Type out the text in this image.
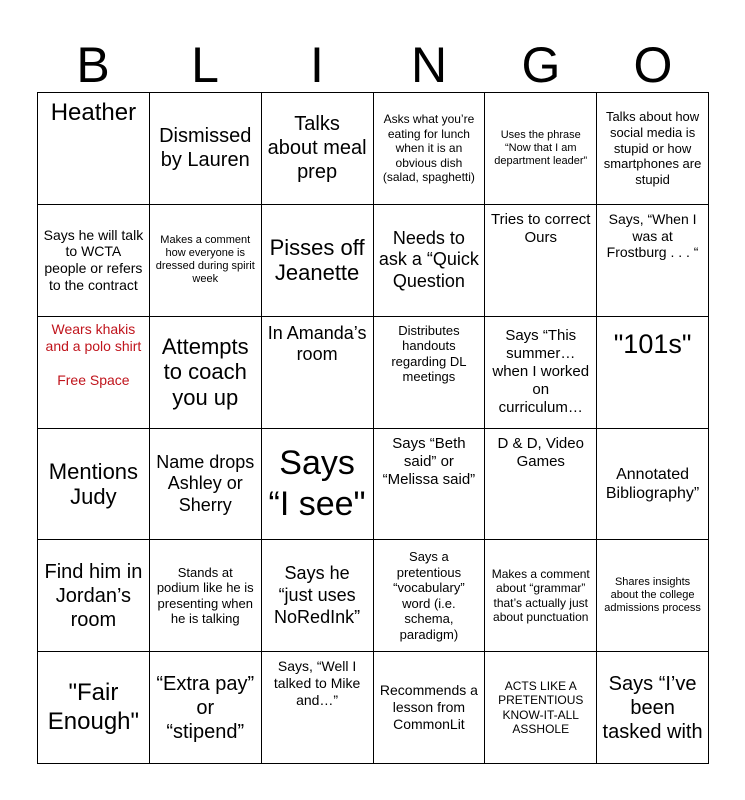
B	L	I	N	G	O
Heather
Dismissed by Lauren
Talks about meal prep
Asks what you’re eating for lunch when it is an obvious dish (salad, spaghetti)
Uses the phrase “Now that I am department leader”
Talks about how social media is stupid or how smartphones are stupid
Says he will talk to WCTA people or refers to the contract
Makes a comment how everyone is dressed during spirit week
Pisses off Jeanette
Needs to ask a “Quick Question
Tries to correct Ours
Says, “When I was at Frostburg . . . “
Wears khakis and a polo shirt
Free Space
Attempts to coach you up
In Amanda’s room
Distributes handouts regarding DL meetings
Says “This summer… when I worked on curriculum…
"101s"
Mentions Judy
Name drops Ashley or Sherry
Says “I see"
Says “Beth said” or “Melissa said”
D & D, Video Games
Annotated Bibliography”
Find him in Jordan’s room
Stands at podium like he is presenting when he is talking
Says he “just uses NoRedInk”
Says a pretentious “vocabulary” word (i.e. schema, paradigm)
Makes a comment about “grammar” that’s actually just about punctuation
Shares insights about the college admissions process
"Fair Enough"
“Extra pay” or “stipend”
Says, “Well I talked to Mike and…”
Recommends a lesson from CommonLit
ACTS LIKE A PRETENTIOUS KNOW-IT-ALL ASSHOLE
Says “I’ve been tasked with
